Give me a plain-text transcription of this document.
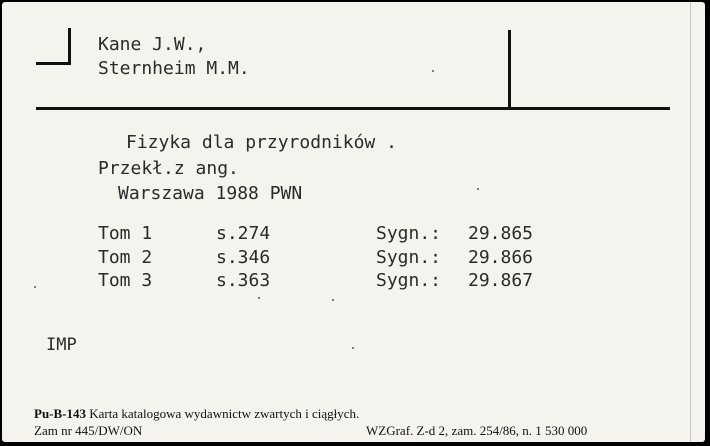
Kane J.W.,
Sternheim M.M.
Fizyka dla przyrodników .
Przekł.z ang.
Warszawa 1988 PWN
Tom 1	s.274	Sygn.: 29.865
Tom 2	s.346	Sygn.: 29.866
Tom 3	s.363	Sygn.: 29.867
IMP
Pu-B-143 Karta katalogowa wydawnictw zwartych i ciągłych.
Zam nr 445/DW/ON	WZGraf. Z-d 2, zam. 254/86, n. 1 530 000
